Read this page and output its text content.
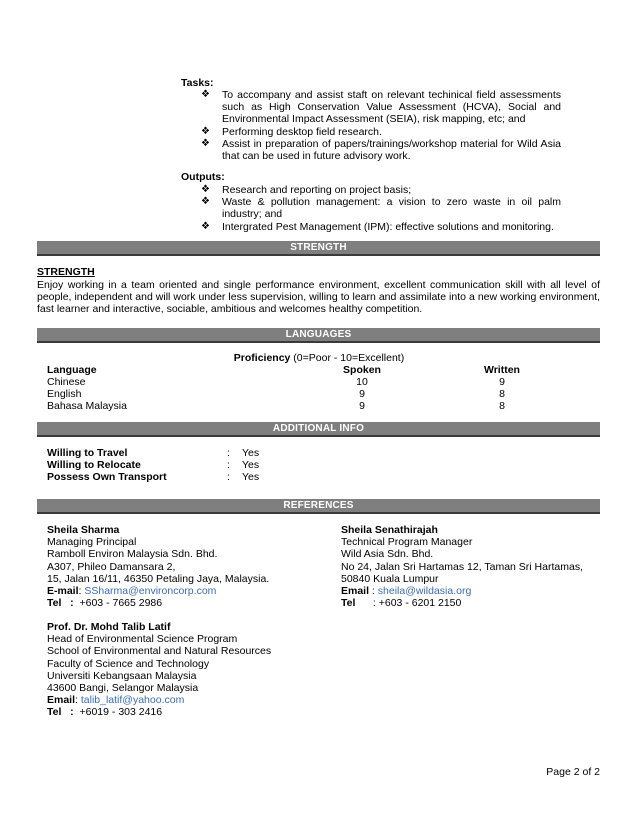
Tasks:
❖ To accompany and assist staft on relevant techinical field assessments such as High Conservation Value Assessment (HCVA), Social and Environmental Impact Assessment (SEIA), risk mapping, etc; and
❖ Performing desktop field research.
❖ Assist in preparation of papers/trainings/workshop material for Wild Asia that can be used in future advisory work.
Outputs:
❖ Research and reporting on project basis;
❖ Waste & pollution management: a vision to zero waste in oil palm industry; and
❖ Intergrated Pest Management (IPM): effective solutions and monitoring.
STRENGTH
STRENGTH
Enjoy working in a team oriented and single performance environment, excellent communication skill with all level of people, independent and will work under less supervision, willing to learn and assimilate into a new working environment, fast learner and interactive, sociable, ambitious and welcomes healthy competition.
LANGUAGES
Proficiency (0=Poor - 10=Excellent)
Language	Spoken	Written
Chinese	10	9
English	9	8
Bahasa Malaysia	9	8
ADDITIONAL INFO
Willing to Travel	: Yes
Willing to Relocate	: Yes
Possess Own Transport	: Yes
REFERENCES
Sheila Sharma
Managing Principal
Ramboll Environ Malaysia Sdn. Bhd.
A307, Phileo Damansara 2,
15, Jalan 16/11, 46350 Petaling Jaya, Malaysia.
E-mail: SSharma@environcorp.com
Tel   :  +603 - 7665 2986
Sheila Senathirajah
Technical Program Manager
Wild Asia Sdn. Bhd.
No 24, Jalan Sri Hartamas 12, Taman Sri Hartamas,
50840 Kuala Lumpur
Email : sheila@wildasia.org
Tel      : +603 - 6201 2150
Prof. Dr. Mohd Talib Latif
Head of Environmental Science Program
School of Environmental and Natural Resources
Faculty of Science and Technology
Universiti Kebangsaan Malaysia
43600 Bangi, Selangor Malaysia
Email: talib_latif@yahoo.com
Tel   :  +6019 - 303 2416
Page 2 of 2
